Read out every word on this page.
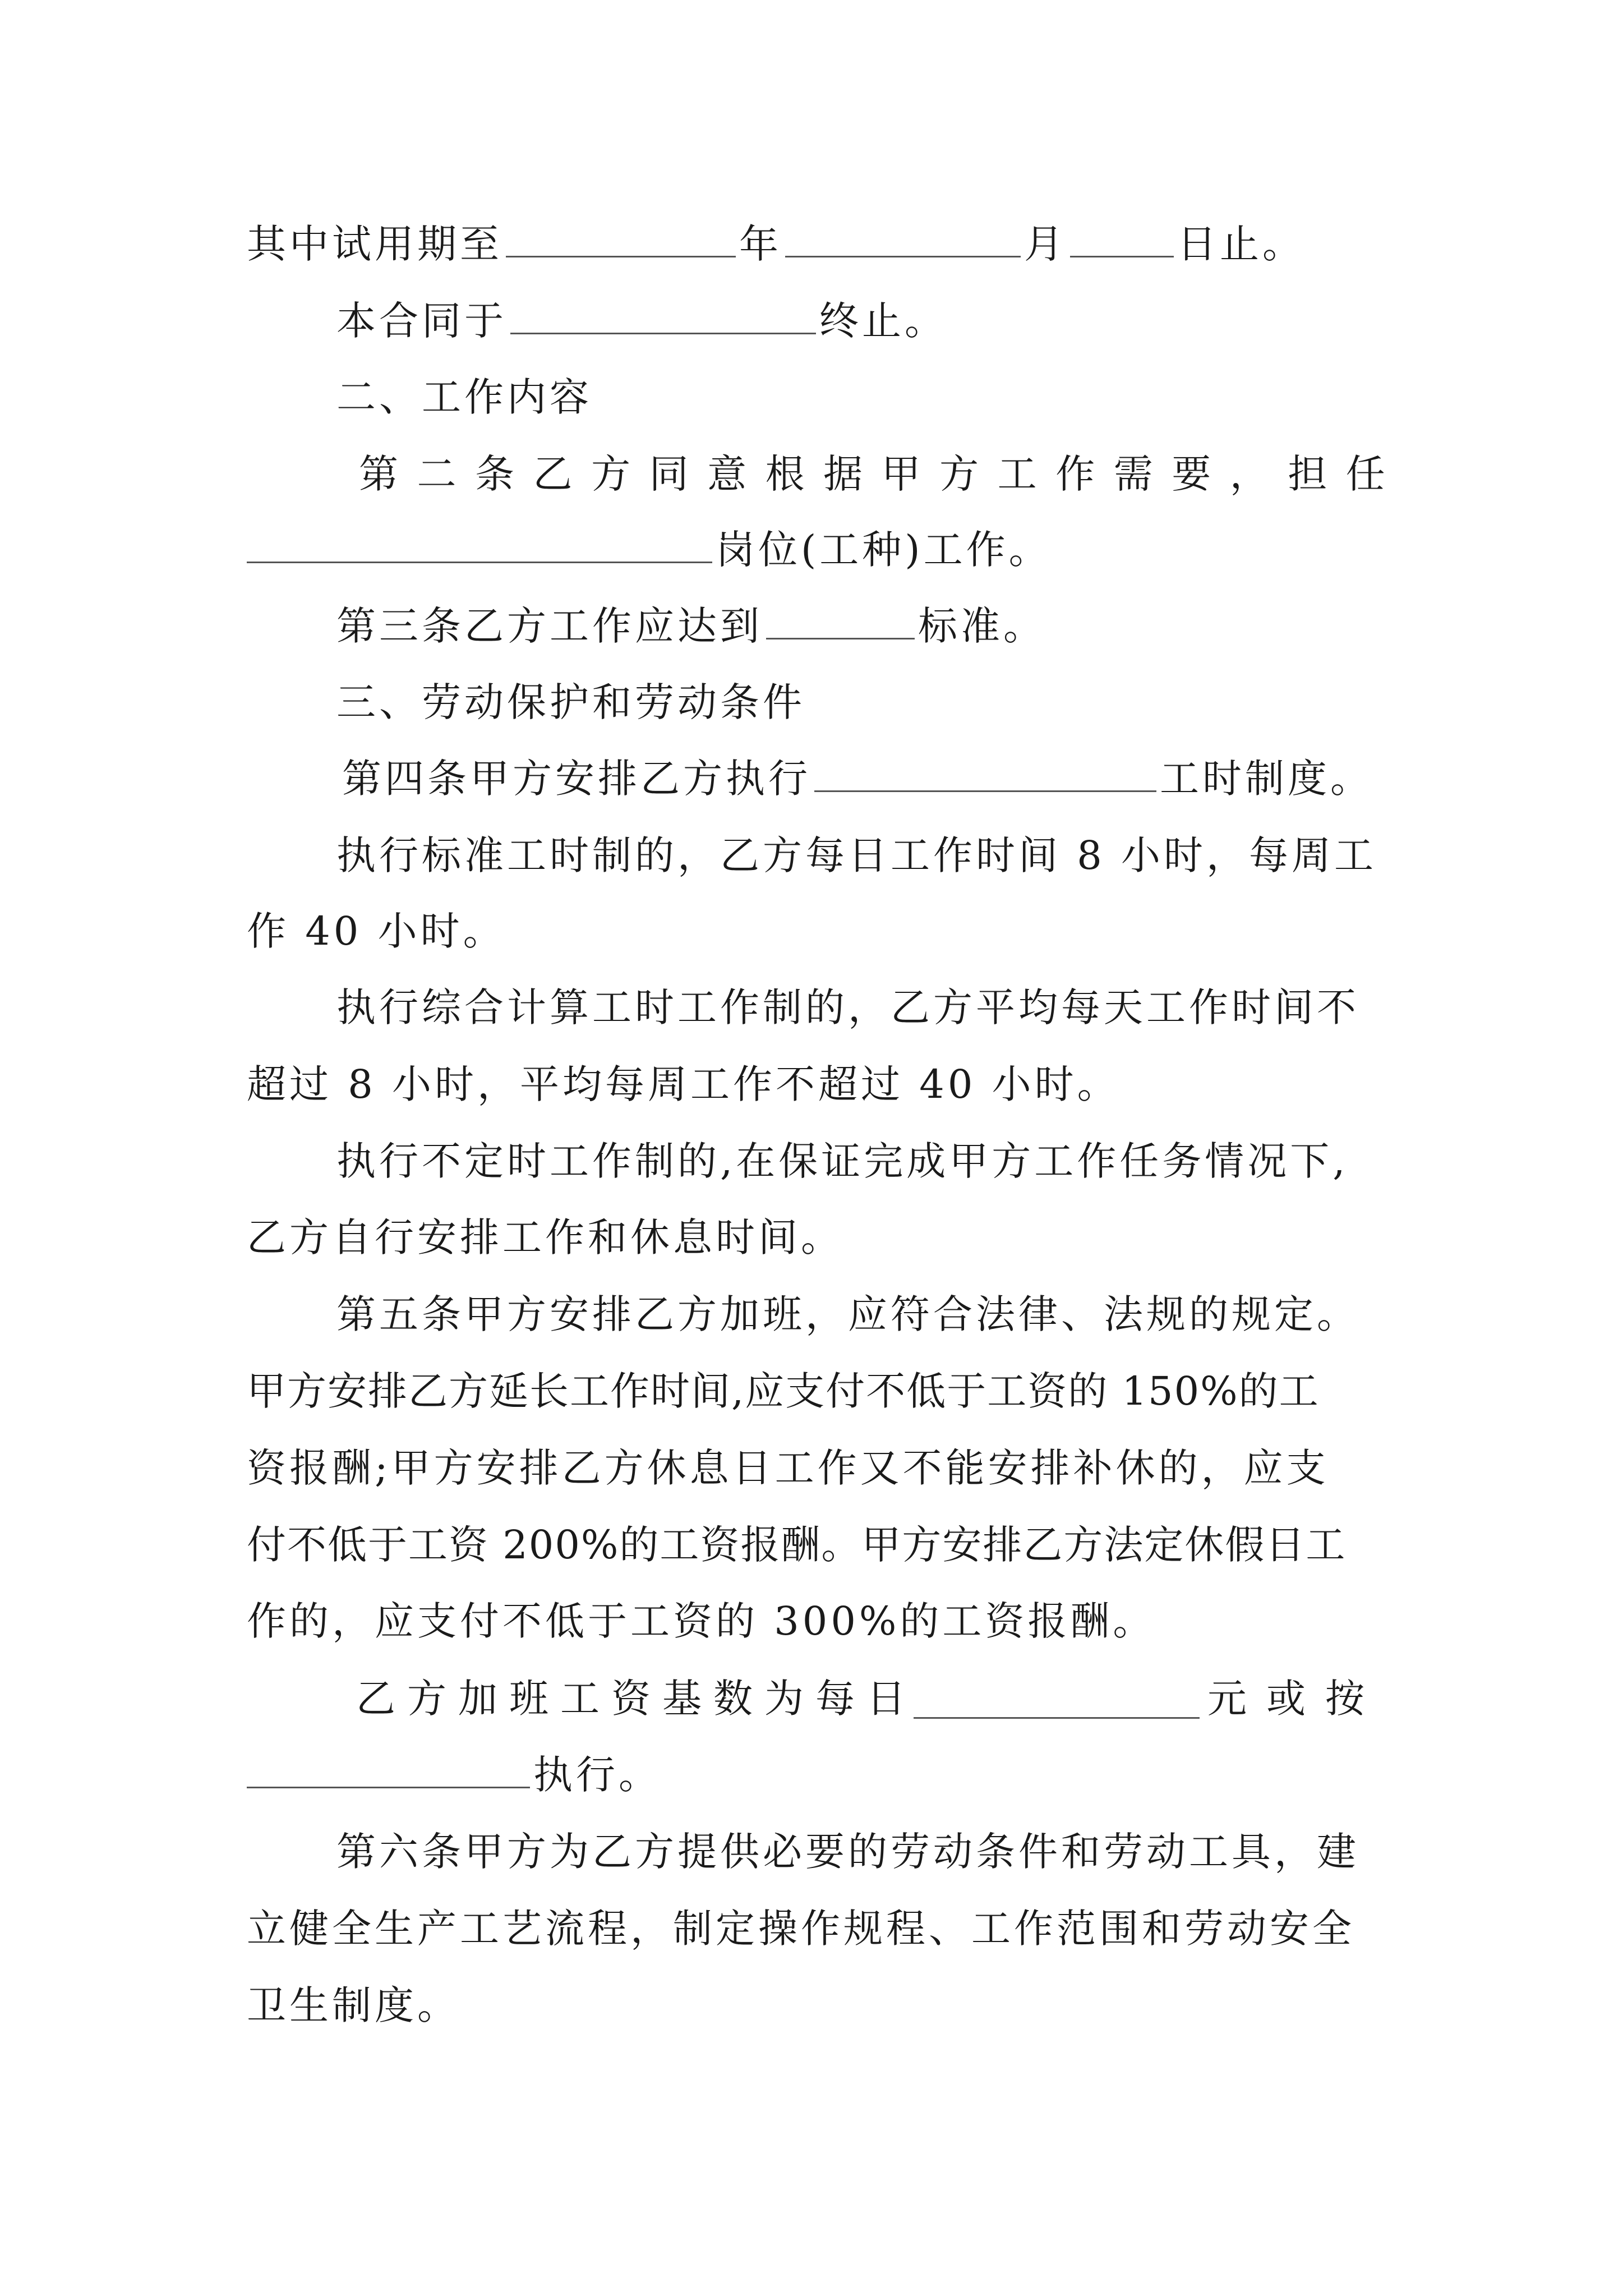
其中试用期至	年	月	日止。
本合同于	终止。
二、工作内容
第 二 条 乙 方 同 意 根 据 甲 方 工 作 需 要 ， 担 任
岗位(工种)工作。
第三条乙方工作应达到	标准。
三、劳动保护和劳动条件
第四条甲方安排乙方执行	工时制度。
执行标准工时制的，乙方每日工作时间 8 小时，每周工
作 40 小时。
执行综合计算工时工作制的，乙方平均每天工作时间不
超过 8 小时，平均每周工作不超过 40 小时。
执行不定时工作制的,在保证完成甲方工作任务情况下,
乙方自行安排工作和休息时间。
第五条甲方安排乙方加班，应符合法律、法规的规定。
甲方安排乙方延长工作时间,应支付不低于工资的 150%的工
资报酬;甲方安排乙方休息日工作又不能安排补休的，应支
付不低于工资 200%的工资报酬。甲方安排乙方法定休假日工
作的，应支付不低于工资的 300%的工资报酬。
乙 方 加 班 工 资 基 数 为 每 日	元 或 按
执行。
第六条甲方为乙方提供必要的劳动条件和劳动工具，建
立健全生产工艺流程，制定操作规程、工作范围和劳动安全
卫生制度。
